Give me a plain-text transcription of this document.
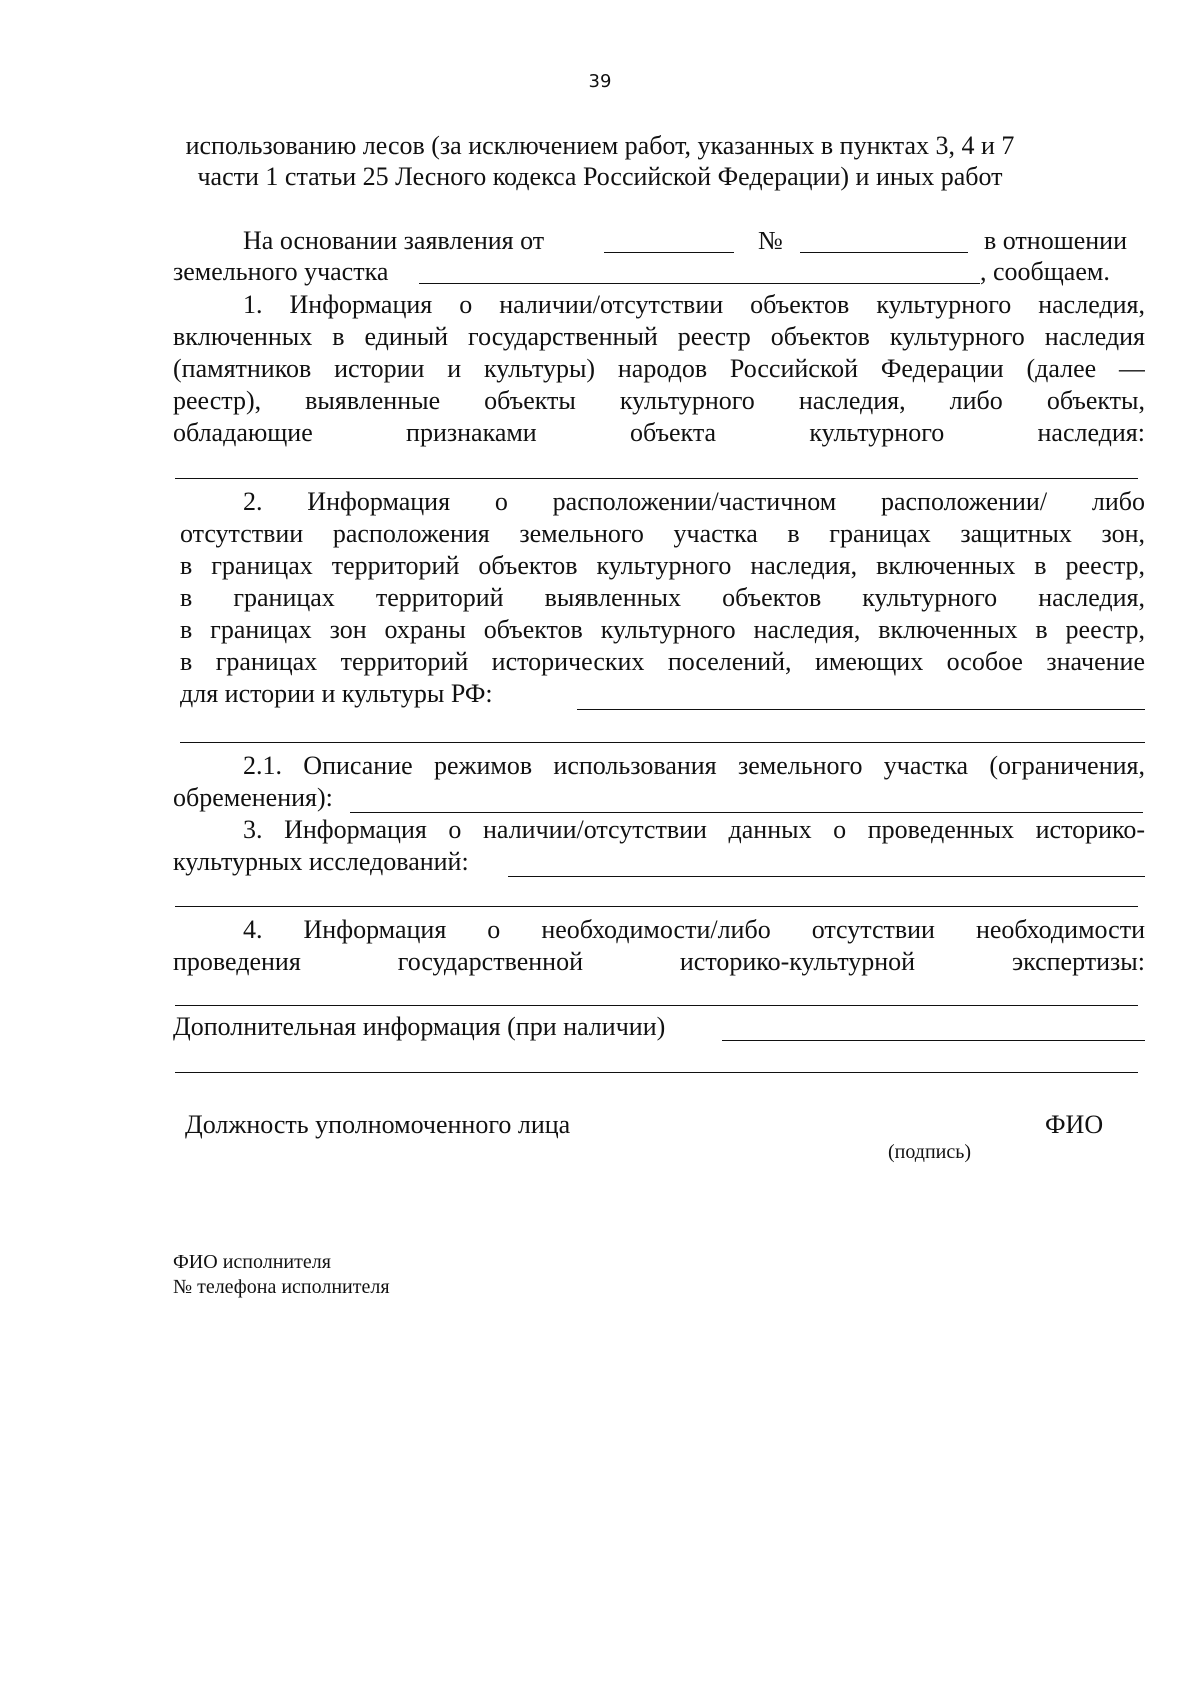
39
использованию лесов (за исключением работ, указанных в пунктах 3, 4 и 7
части 1 статьи 25 Лесного кодекса Российской Федерации) и иных работ
На основании заявления от	№	в отношении
земельного участка	, сообщаем.
1. Информация о наличии/отсутствии объектов культурного наследия,
включенных в единый государственный реестр объектов культурного наследия
(памятников истории и культуры) народов Российской Федерации (далее —
реестр), выявленные объекты культурного наследия, либо объекты,
обладающие признаками объекта культурного наследия:
2. Информация о расположении/частичном расположении/ либо
отсутствии расположения земельного участка в границах защитных зон,
в границах территорий объектов культурного наследия, включенных в реестр,
в границах территорий выявленных объектов культурного наследия,
в границах зон охраны объектов культурного наследия, включенных в реестр,
в границах территорий исторических поселений, имеющих особое значение
для истории и культуры РФ:
2.1. Описание режимов использования земельного участка (ограничения,
обременения):
3. Информация о наличии/отсутствии данных о проведенных историко-
культурных исследований:
4. Информация о необходимости/либо отсутствии необходимости
проведения государственной историко-культурной экспертизы:
Дополнительная информация (при наличии)
Должность уполномоченного лица	ФИО
(подпись)
ФИО исполнителя
№ телефона исполнителя
